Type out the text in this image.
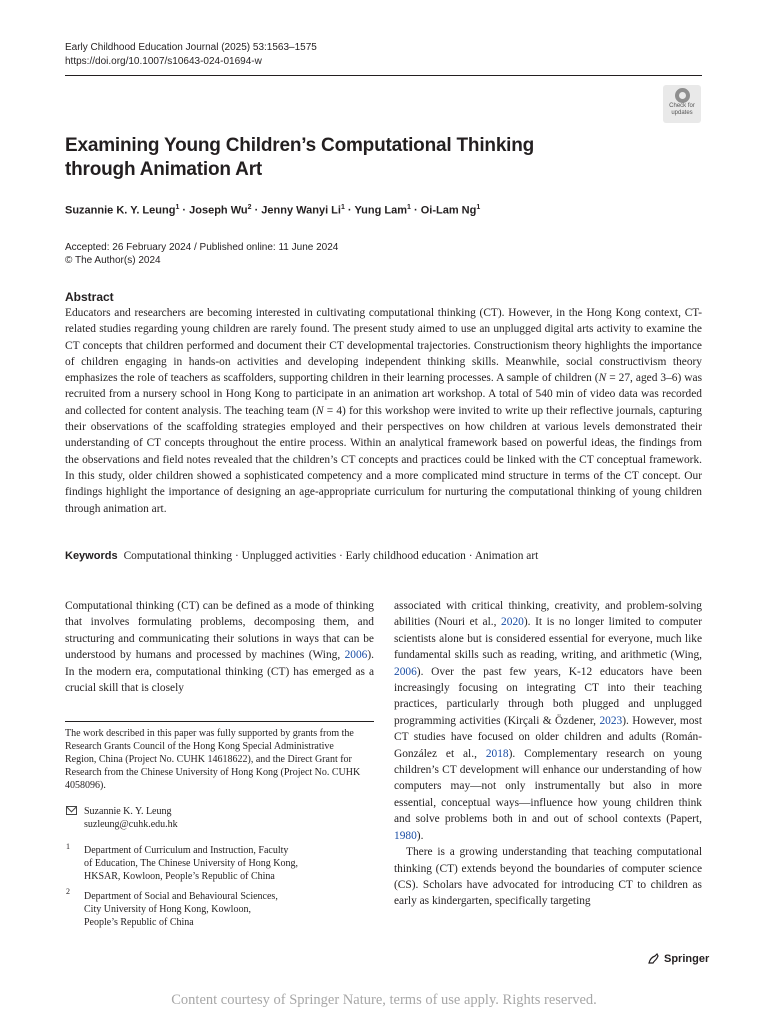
Early Childhood Education Journal (2025) 53:1563–1575
https://doi.org/10.1007/s10643-024-01694-w
Check for
updates
Examining Young Children’s Computational Thinking
through Animation Art
Suzannie K. Y. Leung$^1$ · Joseph $Wu^2$ · Jenny Wanyi $Li^1$ · Yung Lam$^1$ · Oi-Lam Ng$^1$
Accepted: 26 February 2024 / Published online: 11 June 2024
© The Author(s) 2024
Abstract
Educators and researchers are becoming interested in cultivating computational thinking (CT). However, in the Hong Kong context, CT-related studies regarding young children are rarely found. The present study aimed to use an unplugged digital arts activity to examine the CT concepts that children performed and document their CT developmental trajectories. Constructionism theory highlights the importance of children engaging in hands-on activities and developing independent thinking skills. Meanwhile, social constructivism theory emphasizes the role of teachers as scaffolders, supporting children in their learning processes. A sample of children (N = 27, aged 3–6) was recruited from a nursery school in Hong Kong to participate in an animation art workshop. A total of 540 min of video data was recorded and collected for content analysis. The teaching team (N = 4) for this workshop were invited to write up their reflective journals, capturing their observations of the scaffolding strategies employed and their perspectives on how children at various levels demonstrated their understanding of CT concepts throughout the entire process. Within an analytical framework based on powerful ideas, the findings from the observations and field notes revealed that the children’s CT concepts and practices could be linked with the CT conceptual framework. In this study, older children showed a sophisticated competency and a more complicated mind structure in terms of the CT concept. Our findings highlight the importance of designing an age-appropriate curriculum for nurturing the computational thinking of young children through animation art.
Keywords Computational thinking · Unplugged activities · Early childhood education · Animation art
Computational thinking (CT) can be defined as a mode of thinking that involves formulating problems, decomposing them, and structuring and communicating their solutions in ways that can be understood by humans and processed by machines (Wing, 2006). In the modern era, computational thinking (CT) has emerged as a crucial skill that is closely

associated with critical thinking, creativity, and problem-solving abilities (Nouri et al., 2020). It is no longer limited to computer scientists alone but is considered essential for everyone, much like fundamental skills such as reading, writing, and arithmetic (Wing, 2006). Over the past few years, K-12 educators have been increasingly focusing on integrating CT into their teaching practices, particularly through both plugged and unplugged programming activities (Kirçali & Özdener, 2023). However, most CT studies have focused on older children and adults (Román-González et al., 2018). Complementary research on young children’s CT development will enhance our understanding of how computers may—not only instrumentally but also in more essential, conceptual ways—influence how young children think and solve problems both in and out of school contexts (Papert, 1980).

There is a growing understanding that teaching computational thinking (CT) extends beyond the boundaries of computer science (CS). Scholars have advocated for introducing CT to children as early as kindergarten, specifically targeting

The work described in this paper was fully supported by grants from the Research Grants Council of the Hong Kong Special Administrative Region, China (Project No. CUHK 14618622), and the Direct Grant for Research from the Chinese University of Hong Kong (Project No. CUHK 4058096).
Suzannie K. Y. Leung
suzleung@cuhk.edu.hk
1 Department of Curriculum and Instruction, Faculty
of Education, The Chinese University of Hong Kong,
HKSAR, Kowloon, People’s Republic of China
2 Department of Social and Behavioural Sciences,
City University of Hong Kong, Kowloon,
People’s Republic of China
Springer
Content courtesy of Springer Nature, terms of use apply. Rights reserved.
